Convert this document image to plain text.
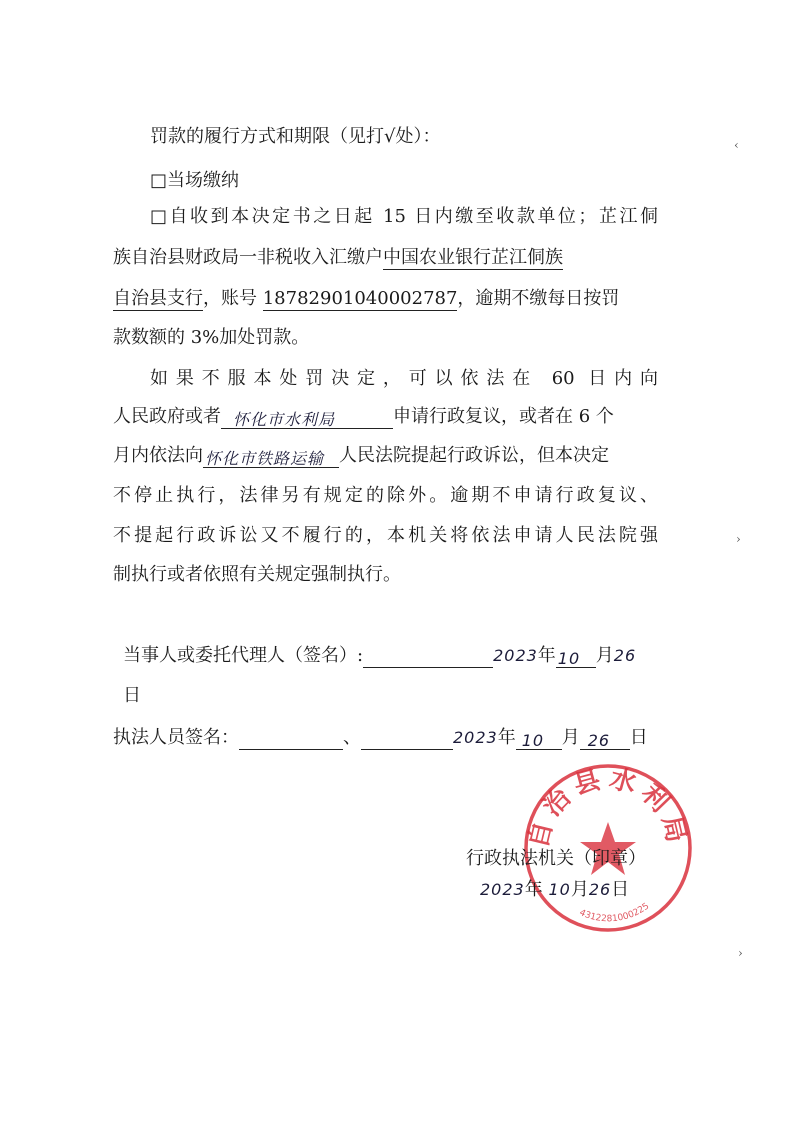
罚款的履行方式和期限（见打√处）：
□当场缴纳
□自收到本决定书之日起 15 日内缴至收款单位；芷江侗
族自治县财政局一非税收入汇缴户中国农业银行芷江侗族
自治县支行，账号 18782901040002787，逾期不缴每日按罚
款数额的 3%加处罚款。
如果不服本处罚决定，可以依法在 60 日内向
人民政府或者 怀化市水利局	申请行政复议，或者在 6 个
月内依法向 怀化市铁路运输 人民法院提起行政诉讼，但本决定
不停止执行，法律另有规定的除外。逾期不申请行政复议、
不提起行政诉讼又不履行的，本机关将依法申请人民法院强
制执行或者依照有关规定强制执行。
当事人或委托代理人（签名）:	2023年 10 月26
日
执法人员签名：	、	2023年 10 月 26 日
自治县水利局
4312281000225
行政执法机关（印章）
2023年 10月26日
‹
›
›
